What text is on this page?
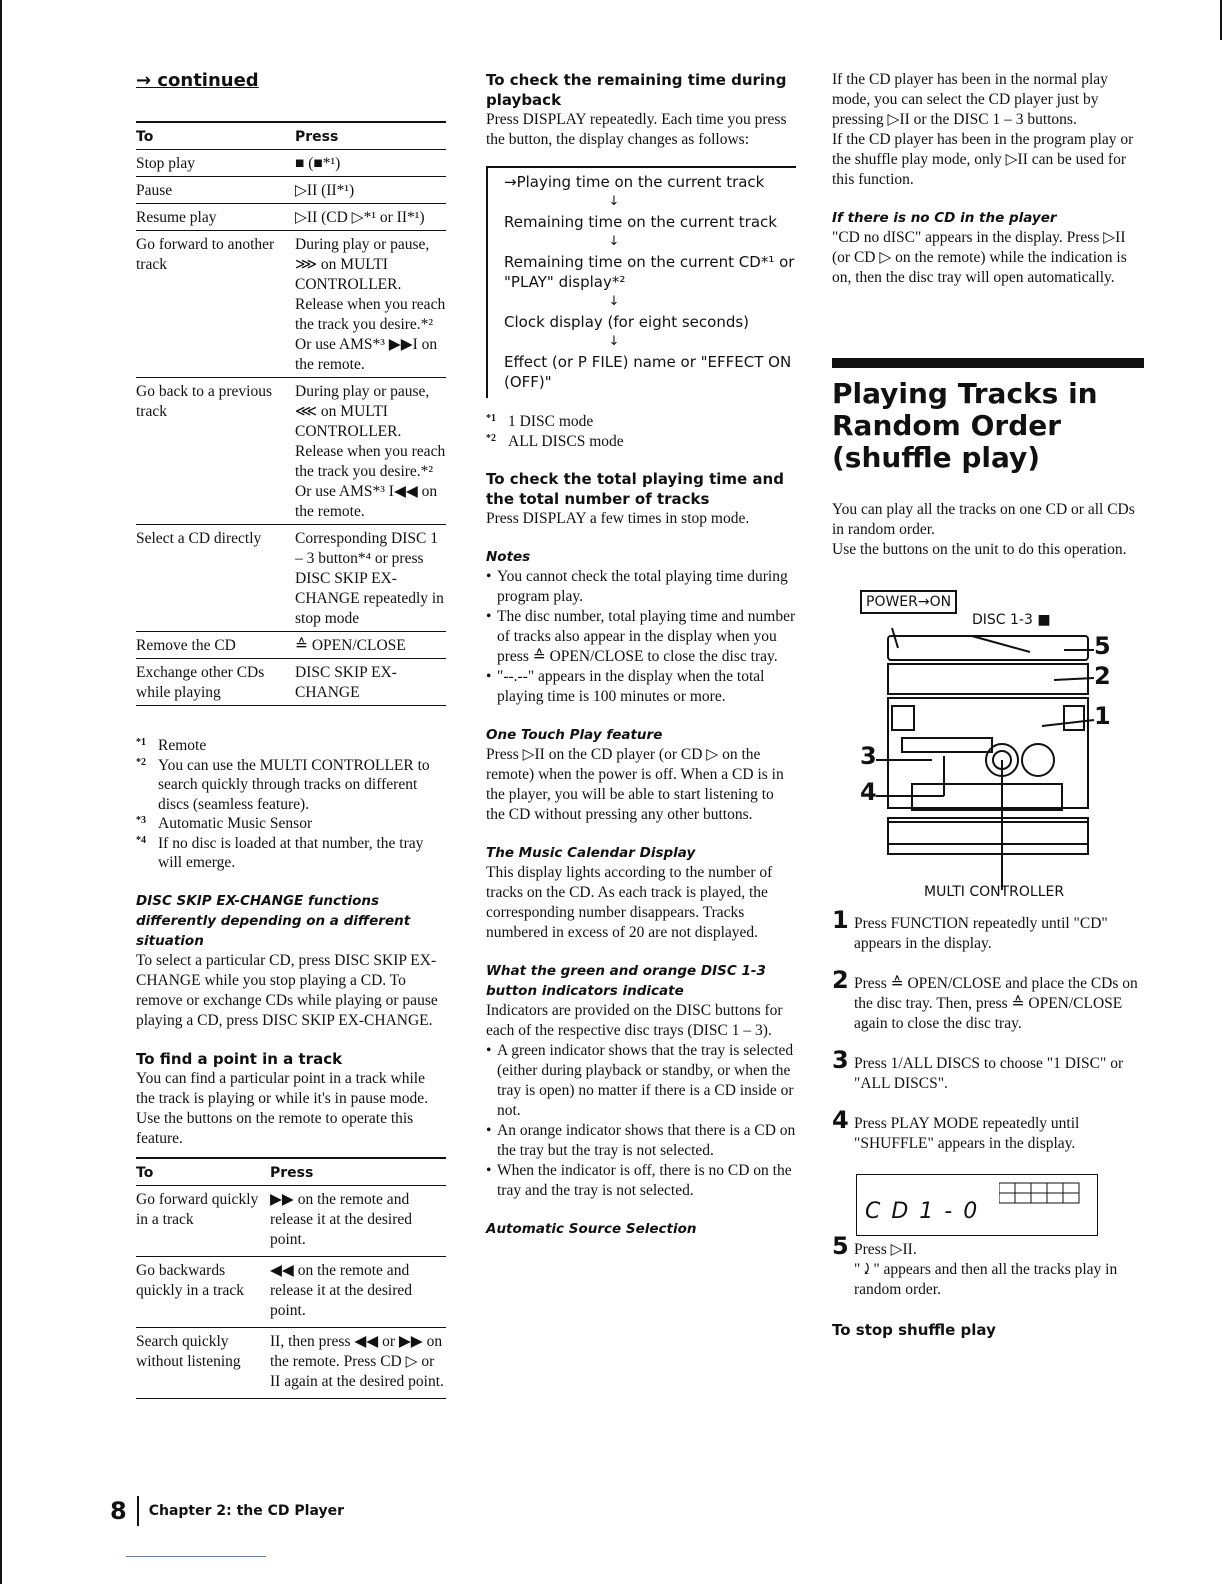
→ continued
To	Press
Stop play	■ (■*¹)
Pause	▷II (II*¹)
Resume play	▷II (CD ▷*¹ or II*¹)
Go forward to another track	During play or pause, ⋙ on MULTI CONTROLLER. Release when you reach the track you desire.*² Or use AMS*³ ▶▶I on the remote.
Go back to a previous track	During play or pause, ⋘ on MULTI CONTROLLER. Release when you reach the track you desire.*² Or use AMS*³ I◀◀ on the remote.
Select a CD directly	Corresponding DISC 1 – 3 button*⁴ or press DISC SKIP EX-CHANGE repeatedly in stop mode
Remove the CD	≙ OPEN/CLOSE
Exchange other CDs while playing	DISC SKIP EX-CHANGE
*1 Remote
*2 You can use the MULTI CONTROLLER to search quickly through tracks on different discs (seamless feature).
*3 Automatic Music Sensor
*4 If no disc is loaded at that number, the tray will emerge.

DISC SKIP EX-CHANGE functions differently depending on a different situation

To select a particular CD, press DISC SKIP EX-CHANGE while you stop playing a CD. To remove or exchange CDs while playing or pause playing a CD, press DISC SKIP EX-CHANGE.

To find a point in a track

You can find a particular point in a track while the track is playing or while it's in pause mode. Use the buttons on the remote to operate this feature.

To	Press
Go forward quickly in a track	▶▶ on the remote and release it at the desired point.
Go backwards quickly in a track	◀◀ on the remote and release it at the desired point.
Search quickly without listening	II, then press ◀◀ or ▶▶ on the remote. Press CD ▷ or II again at the desired point.

To check the remaining time during playback

Press DISPLAY repeatedly. Each time you press the button, the display changes as follows:

→Playing time on the current track

↓

Remaining time on the current track

↓

Remaining time on the current CD*¹ or "PLAY" display*²

↓

Clock display (for eight seconds)

↓

Effect (or P FILE) name or "EFFECT ON (OFF)"

*1 1 DISC mode
*2 ALL DISCS mode

To check the total playing time and the total number of tracks

Press DISPLAY a few times in stop mode.

Notes

• You cannot check the total playing time during program play.
• The disc number, total playing time and number of tracks also appear in the display when you press ≙ OPEN/CLOSE to close the disc tray.
• "--.--" appears in the display when the total playing time is 100 minutes or more.

One Touch Play feature

Press ▷II on the CD player (or CD ▷ on the remote) when the power is off. When a CD is in the player, you will be able to start listening to the CD without pressing any other buttons.

The Music Calendar Display

This display lights according to the number of tracks on the CD. As each track is played, the corresponding number disappears. Tracks numbered in excess of 20 are not displayed.

What the green and orange DISC 1-3 button indicators indicate

Indicators are provided on the DISC buttons for each of the respective disc trays (DISC 1 – 3).

• A green indicator shows that the tray is selected (either during playback or standby, or when the tray is open) no matter if there is a CD inside or not.
• An orange indicator shows that there is a CD on the tray but the tray is not selected.
• When the indicator is off, there is no CD on the tray and the tray is not selected.

Automatic Source Selection

If the CD player has been in the normal play mode, you can select the CD player just by pressing ▷II or the DISC 1 – 3 buttons.

If the CD player has been in the program play or the shuffle play mode, only ▷II can be used for this function.

If there is no CD in the player

"CD no dISC" appears in the display. Press ▷II (or CD ▷ on the remote) while the indication is on, then the disc tray will open automatically.

Playing Tracks in Random Order (shuffle play)

You can play all the tracks on one CD or all CDs in random order.

Use the buttons on the unit to do this operation.

POWER→ON
DISC 1-3 ■
5
2
1
3
4
MULTI CONTROLLER
1 Press FUNCTION repeatedly until "CD" appears in the display.
2 Press ≙ OPEN/CLOSE and place the CDs on the disc tray. Then, press ≙ OPEN/CLOSE again to close the disc tray.
3 Press 1/ALL DISCS to choose "1 DISC" or "ALL DISCS".
4 Press PLAY MODE repeatedly until "SHUFFLE" appears in the display.
C D 1 - 0
5 Press ▷II.

"⤸" appears and then all the tracks play in random order.

To stop shuffle play

8 Chapter 2: the CD Player
